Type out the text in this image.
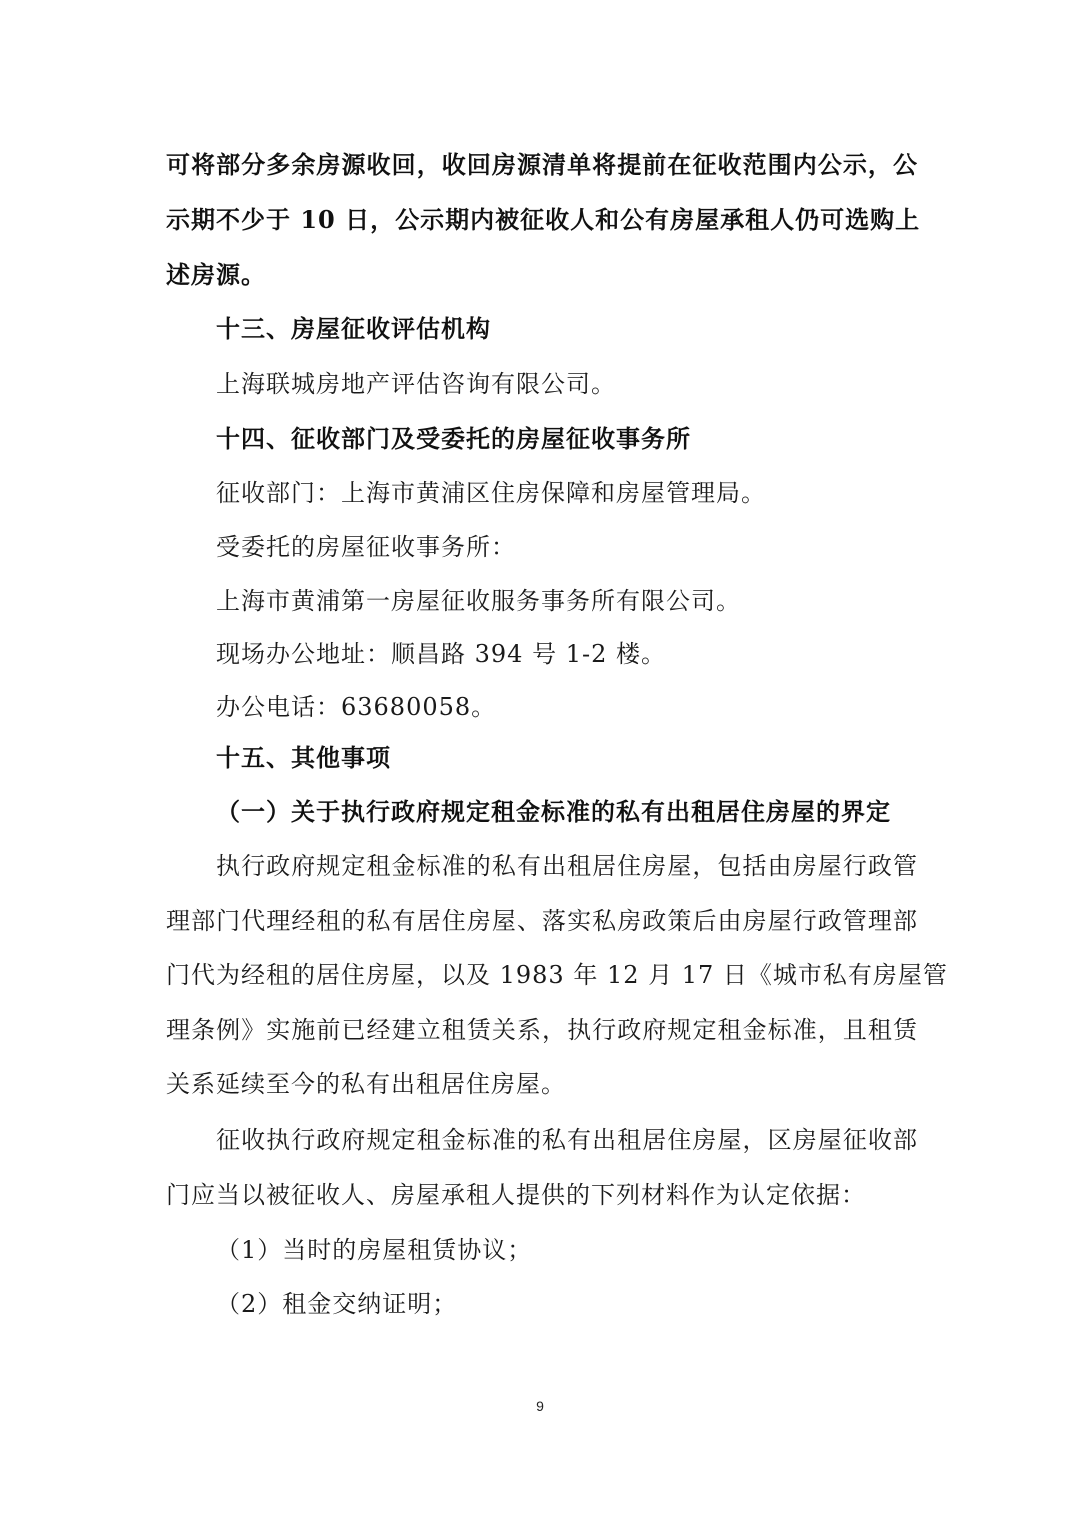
可将部分多余房源收回，收回房源清单将提前在征收范围内公示，公
示期不少于 10 日，公示期内被征收人和公有房屋承租人仍可选购上
述房源。
十三、房屋征收评估机构
上海联城房地产评估咨询有限公司。
十四、征收部门及受委托的房屋征收事务所
征收部门：上海市黄浦区住房保障和房屋管理局。
受委托的房屋征收事务所：
上海市黄浦第一房屋征收服务事务所有限公司。
现场办公地址：顺昌路 394 号 1-2 楼。
办公电话：63680058。
十五、其他事项
（一）关于执行政府规定租金标准的私有出租居住房屋的界定
执行政府规定租金标准的私有出租居住房屋，包括由房屋行政管
理部门代理经租的私有居住房屋、落实私房政策后由房屋行政管理部
门代为经租的居住房屋，以及 1983 年 12 月 17 日《城市私有房屋管
理条例》实施前已经建立租赁关系，执行政府规定租金标准，且租赁
关系延续至今的私有出租居住房屋。
征收执行政府规定租金标准的私有出租居住房屋，区房屋征收部
门应当以被征收人、房屋承租人提供的下列材料作为认定依据：
（1）当时的房屋租赁协议；
（2）租金交纳证明；
9
